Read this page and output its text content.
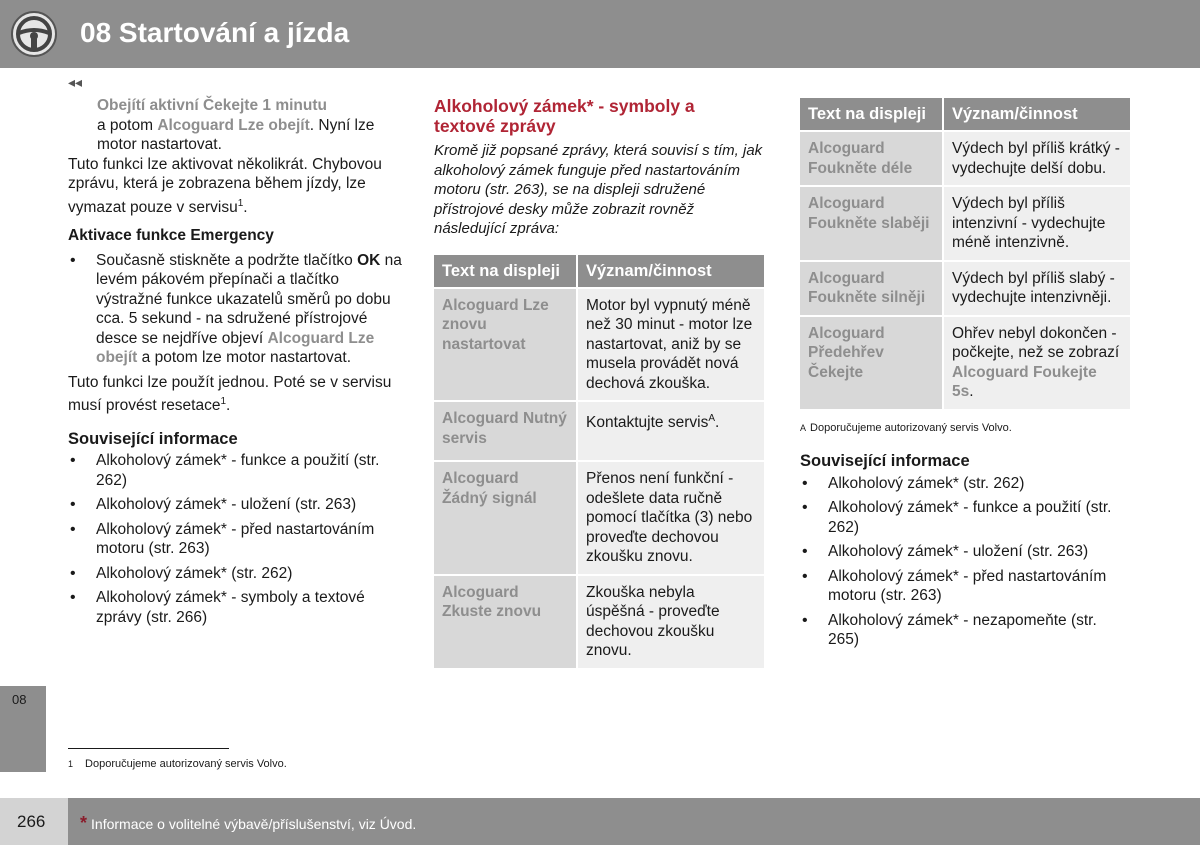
08 Startování a jízda
08
◂◂

Obejítí aktivní Čekejte 1 minutu
a potom Alcoguard Lze obejít. Nyní lze motor nastartovat.

Tuto funkci lze aktivovat několikrát. Chybovou zprávu, která je zobrazena během jízdy, lze vymazat pouze v servisu$^1$.

Aktivace funkce Emergency

• Současně stiskněte a podržte tlačítko OK na levém pákovém přepínači a tlačítko výstražné funkce ukazatelů směrů po dobu cca. 5 sekund - na sdružené přístrojové desce se nejdříve objeví Alcoguard Lze obejít a potom lze motor nastartovat.

Tuto funkci lze použít jednou. Poté se v servisu musí provést resetace$^1$.

Související informace

• Alkoholový zámek* - funkce a použití (str. 262)
• Alkoholový zámek* - uložení (str. 263)
• Alkoholový zámek* - před nastartováním motoru (str. 263)
• Alkoholový zámek* (str. 262)
• Alkoholový zámek* - symboly a textové zprávy (str. 266)

Alkoholový zámek* - symboly a textové zprávy

Kromě již popsané zprávy, která souvisí s tím, jak alkoholový zámek funguje před nastartováním motoru (str. 263), se na displeji sdružené přístrojové desky může zobrazit rovněž následující zpráva:

Text na displeji	Význam/činnost
Alcoguard Lze znovu nastartovat	Motor byl vypnutý méně než 30 minut - motor lze nastartovat, aniž by se musela provádět nová dechová zkouška.
Alcoguard Nutný servis	Kontaktujte servis$^A$.
Alcoguard Žádný signál	Přenos není funkční - odešlete data ručně pomocí tlačítka (3) nebo proveďte dechovou zkoušku znovu.
Alcoguard Zkuste znovu	Zkouška nebyla úspěšná - proveďte dechovou zkoušku znovu.
Text na displeji	Význam/činnost
Alcoguard Foukněte déle	Výdech byl příliš krátký - vydechujte delší dobu.
Alcoguard Foukněte slaběji	Výdech byl příliš intenzivní - vydechujte méně intenzivně.
Alcoguard Foukněte silněji	Výdech byl příliš slabý - vydechujte intenzivněji.
Alcoguard Předehřev Čekejte	Ohřev nebyl dokončen - počkejte, než se zobrazí Alcoguard Foukejte 5s.

A Doporučujeme autorizovaný servis Volvo.

Související informace

• Alkoholový zámek* (str. 262)
• Alkoholový zámek* - funkce a použití (str. 262)
• Alkoholový zámek* - uložení (str. 263)
• Alkoholový zámek* - před nastartováním motoru (str. 263)
• Alkoholový zámek* - nezapomeňte (str. 265)
1 Doporučujeme autorizovaný servis Volvo.
266 * Informace o volitelné výbavě/příslušenství, viz Úvod.
